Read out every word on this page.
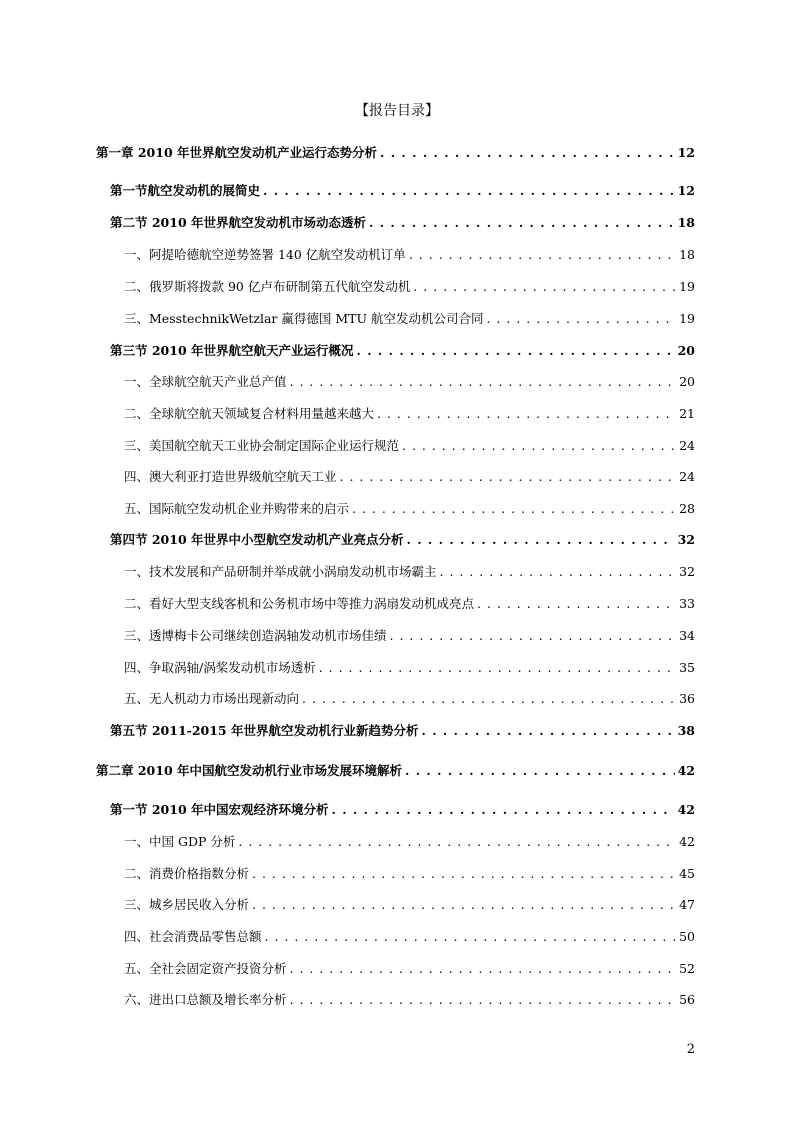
【报告目录】
第一章 2010 年世界航空发动机产业运行态势分析 . . .	12
第一节航空发动机的展简史 . . .	12
第二节 2010 年世界航空发动机市场动态透析 . . .	18
一、阿提哈德航空逆势签署 140 亿航空发动机订单 . . .	18
二、俄罗斯将拨款 90 亿卢布研制第五代航空发动机 . . .	19
三、MesstechnikWetzlar 赢得德国 MTU 航空发动机公司合同 . . .	19
第三节 2010 年世界航空航天产业运行概况 . . .	20
一、全球航空航天产业总产值 . . .	20
二、全球航空航天领域复合材料用量越来越大 . . .	21
三、美国航空航天工业协会制定国际企业运行规范 . . .	24
四、澳大利亚打造世界级航空航天工业 . . .	24
五、国际航空发动机企业并购带来的启示 . . .	28
第四节 2010 年世界中小型航空发动机产业亮点分析 . . .	32
一、技术发展和产品研制并举成就小涡扇发动机市场霸主 . . .	32
二、看好大型支线客机和公务机市场中等推力涡扇发动机成亮点 . . .	33
三、透博梅卡公司继续创造涡轴发动机市场佳绩 . . .	34
四、争取涡轴/涡桨发动机市场透析 . . .	35
五、无人机动力市场出现新动向 . . .	36
第五节 2011-2015 年世界航空发动机行业新趋势分析 . . .	38
第二章 2010 年中国航空发动机行业市场发展环境解析 . . .	42
第一节 2010 年中国宏观经济环境分析 . . .	42
一、中国 GDP 分析 . . .	42
二、消费价格指数分析 . . .	45
三、城乡居民收入分析 . . .	47
四、社会消费品零售总额 . . .	50
五、全社会固定资产投资分析 . . .	52
六、进出口总额及增长率分析 . . .	56
2
